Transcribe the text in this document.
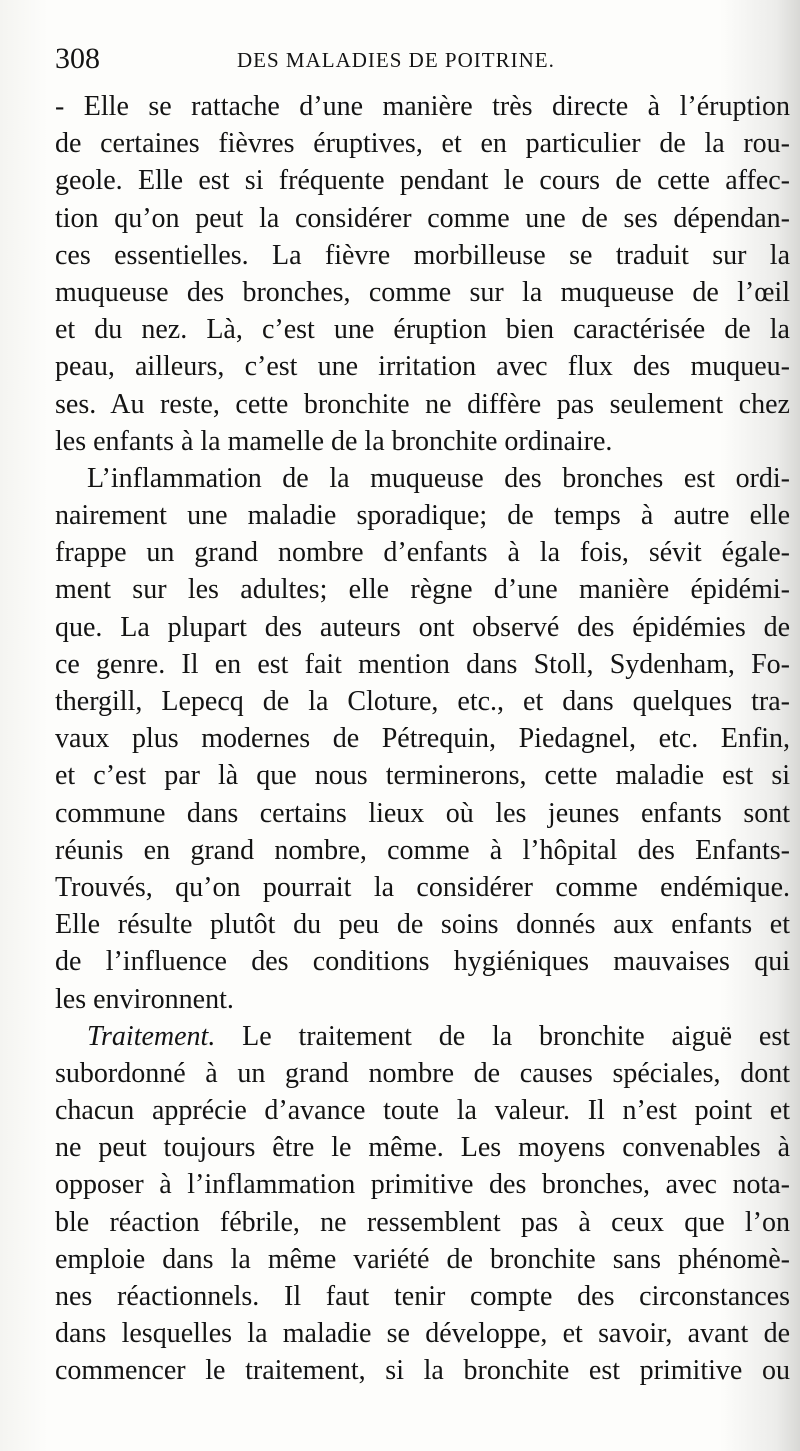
308	DES MALADIES DE POITRINE.
- Elle se rattache d’une manière très directe à l’éruption
de certaines fièvres éruptives, et en particulier de la rou-
geole. Elle est si fréquente pendant le cours de cette affec-
tion qu’on peut la considérer comme une de ses dépendan-
ces essentielles. La fièvre morbilleuse se traduit sur la
muqueuse des bronches, comme sur la muqueuse de l’œil
et du nez. Là, c’est une éruption bien caractérisée de la
peau, ailleurs, c’est une irritation avec flux des muqueu-
ses. Au reste, cette bronchite ne diffère pas seulement chez
les enfants à la mamelle de la bronchite ordinaire.
L’inflammation de la muqueuse des bronches est ordi-
nairement une maladie sporadique; de temps à autre elle
frappe un grand nombre d’enfants à la fois, sévit égale-
ment sur les adultes; elle règne d’une manière épidémi-
que. La plupart des auteurs ont observé des épidémies de
ce genre. Il en est fait mention dans Stoll, Sydenham, Fo-
thergill, Lepecq de la Cloture, etc., et dans quelques tra-
vaux plus modernes de Pétrequin, Piedagnel, etc. Enfin,
et c’est par là que nous terminerons, cette maladie est si
commune dans certains lieux où les jeunes enfants sont
réunis en grand nombre, comme à l’hôpital des Enfants-
Trouvés, qu’on pourrait la considérer comme endémique.
Elle résulte plutôt du peu de soins donnés aux enfants et
de l’influence des conditions hygiéniques mauvaises qui
les environnent.
Traitement. Le traitement de la bronchite aiguë est
subordonné à un grand nombre de causes spéciales, dont
chacun apprécie d’avance toute la valeur. Il n’est point et
ne peut toujours être le même. Les moyens convenables à
opposer à l’inflammation primitive des bronches, avec nota-
ble réaction fébrile, ne ressemblent pas à ceux que l’on
emploie dans la même variété de bronchite sans phénomè-
nes réactionnels. Il faut tenir compte des circonstances
dans lesquelles la maladie se développe, et savoir, avant de
commencer le traitement, si la bronchite est primitive ou
